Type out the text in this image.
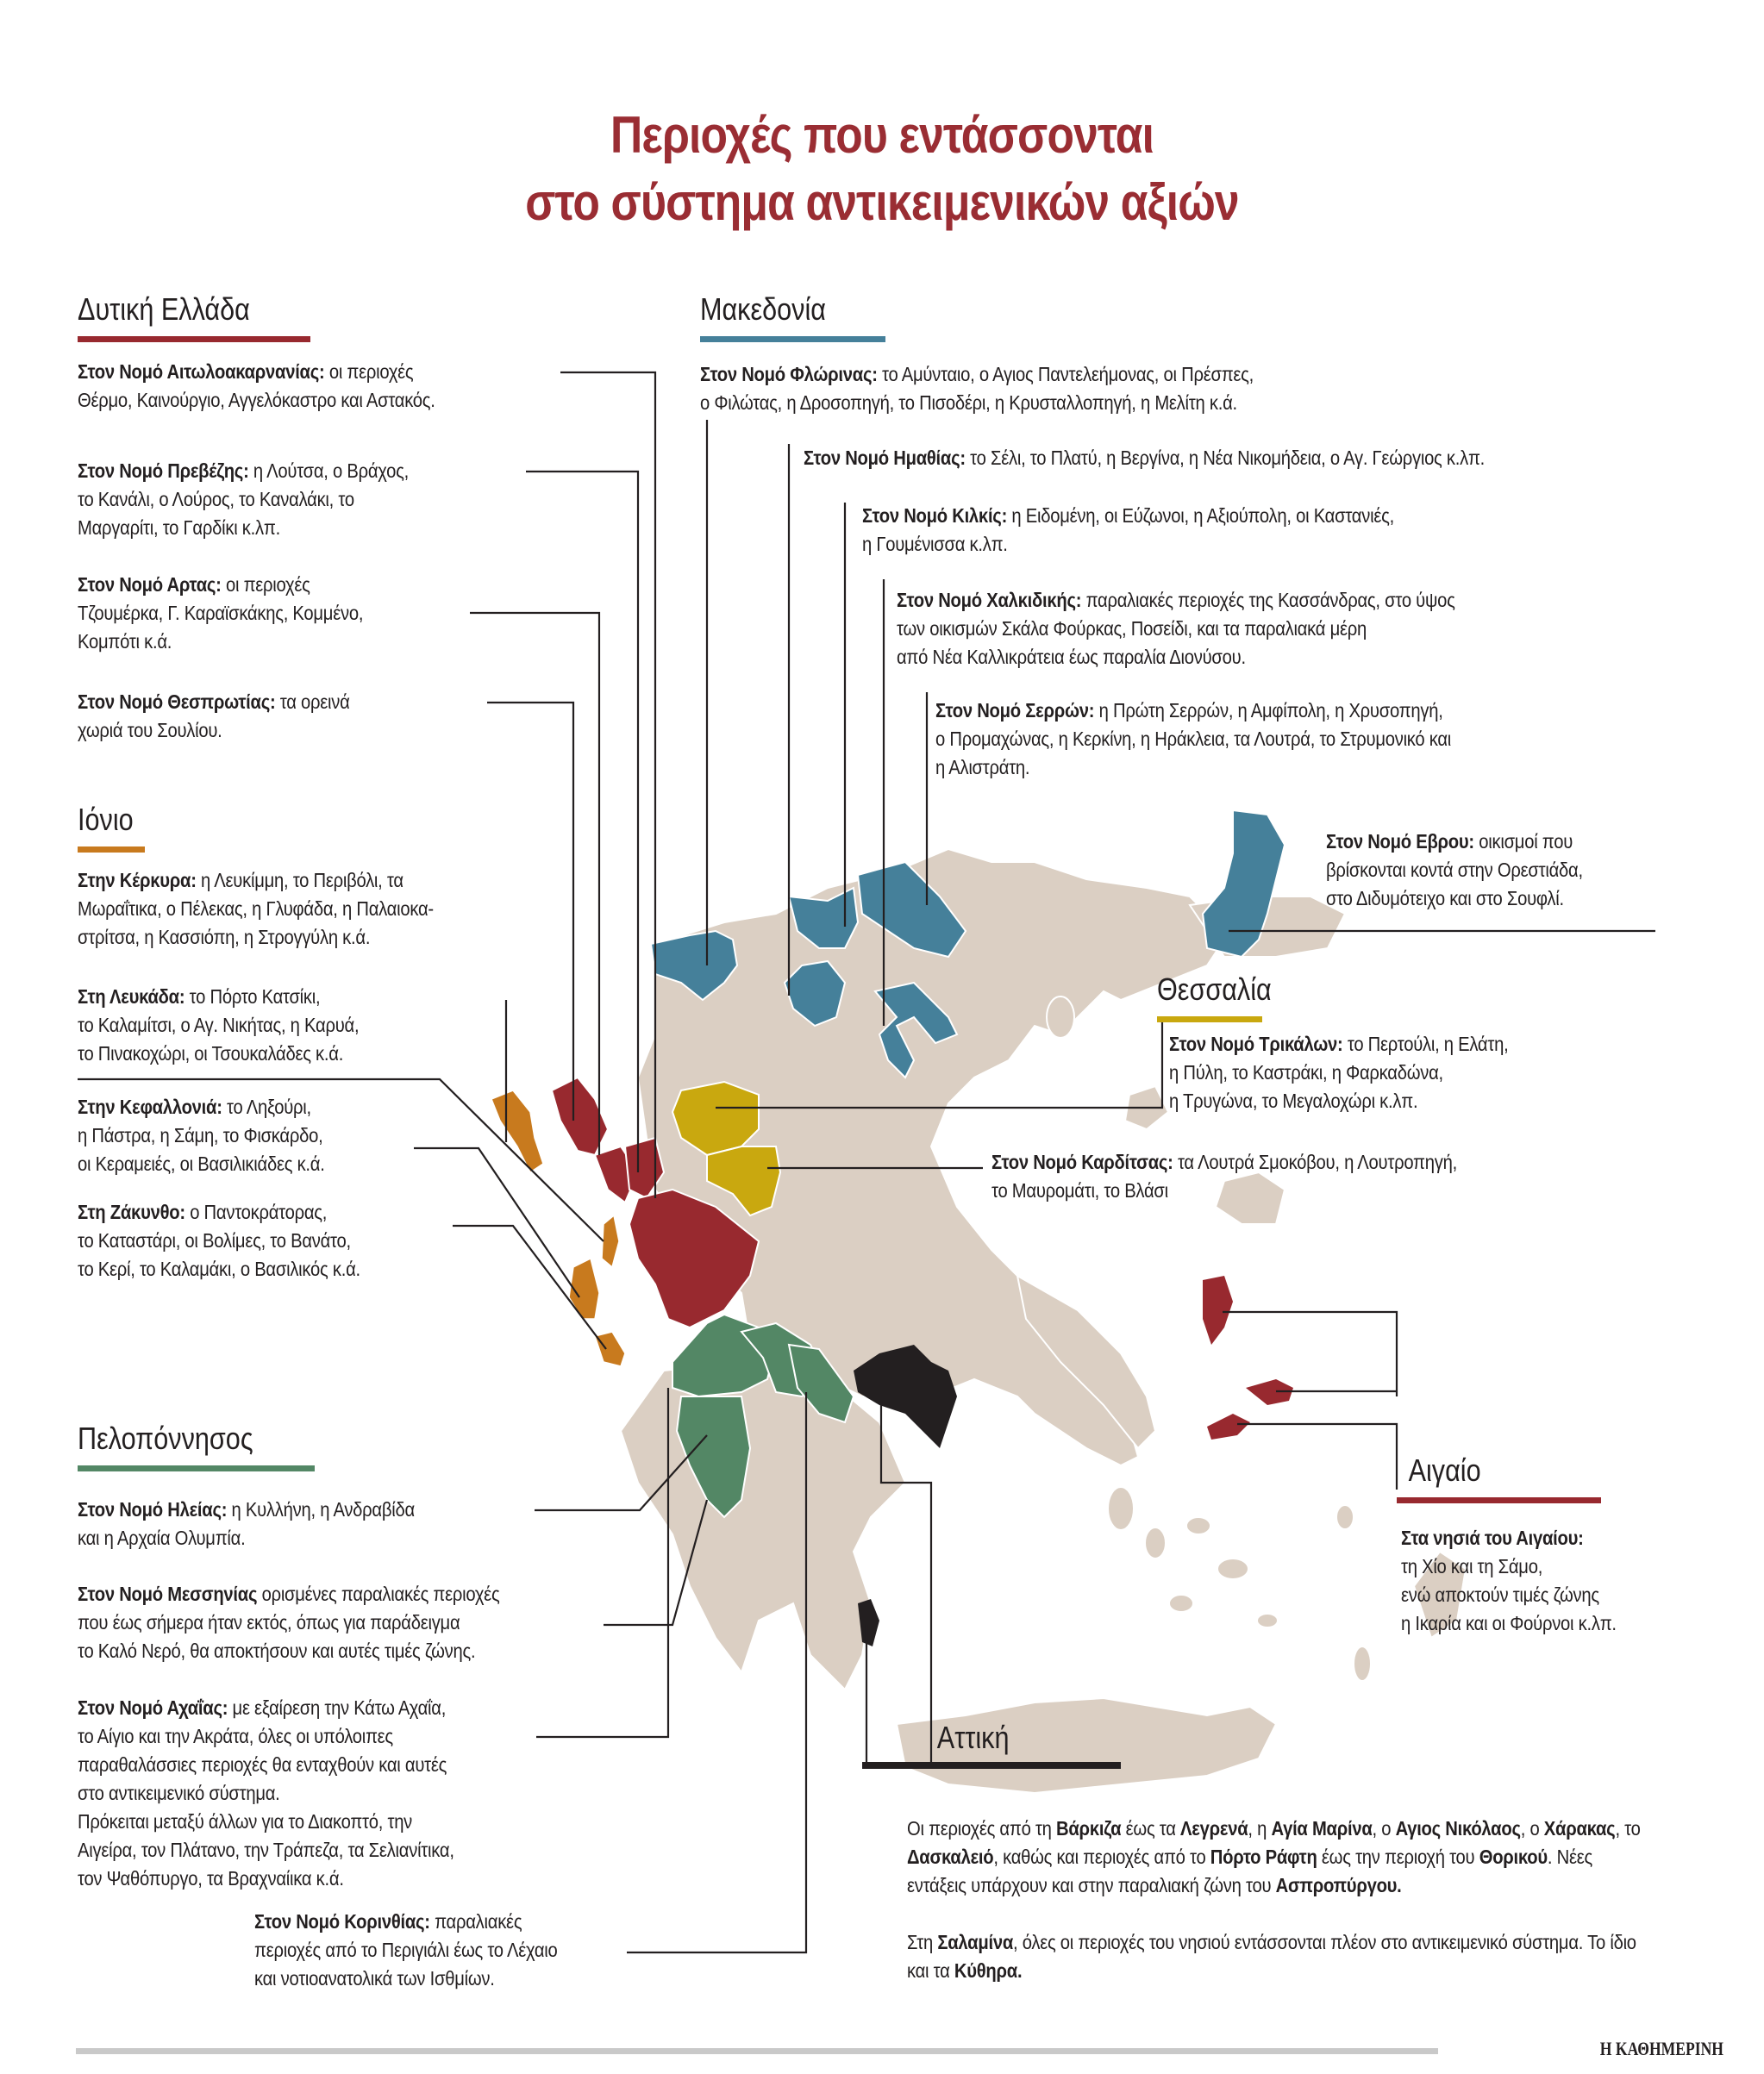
Περιοχές που εντάσσονται
στο σύστημα αντικειμενικών αξιών
Δυτική Ελλάδα
Στον Νομό Αιτωλοακαρνανίας: οι περιοχές
Θέρμο, Καινούργιο, Αγγελόκαστρο και Αστακός.
Στον Νομό Πρεβέζης: η Λούτσα, ο Βράχος,
το Κανάλι, ο Λούρος, το Καναλάκι, το
Μαργαρίτι, το Γαρδίκι κ.λπ.
Στον Νομό Αρτας: οι περιοχές
Τζουμέρκα, Γ. Καραϊσκάκης, Κομμένο,
Κομπότι κ.ά.
Στον Νομό Θεσπρωτίας: τα ορεινά
χωριά του Σουλίου.
Ιόνιο
Στην Κέρκυρα: η Λευκίμμη, το Περιβόλι, τα
Μωραΐτικα, ο Πέλεκας, η Γλυφάδα, η Παλαιοκα-
στρίτσα, η Κασσιόπη, η Στρογγύλη κ.ά.
Στη Λευκάδα: το Πόρτο Κατσίκι,
το Καλαμίτσι, ο Αγ. Νικήτας, η Καρυά,
το Πινακοχώρι, οι Τσουκαλάδες κ.ά.
Στην Κεφαλλονιά: το Ληξούρι,
η Πάστρα, η Σάμη, το Φισκάρδο,
οι Κεραμειές, οι Βασιλικιάδες κ.ά.
Στη Ζάκυνθο: ο Παντοκράτορας,
το Καταστάρι, οι Βολίμες, το Βανάτο,
το Κερί, το Καλαμάκι, ο Βασιλικός κ.ά.
Πελοπόννησος
Στον Νομό Ηλείας: η Κυλλήνη, η Ανδραβίδα
και η Αρχαία Ολυμπία.
Στον Νομό Μεσσηνίας ορισμένες παραλιακές περιοχές
που έως σήμερα ήταν εκτός, όπως για παράδειγμα
το Καλό Νερό, θα αποκτήσουν και αυτές τιμές ζώνης.
Στον Νομό Αχαΐας: με εξαίρεση την Κάτω Αχαΐα,
το Αίγιο και την Ακράτα, όλες οι υπόλοιπες
παραθαλάσσιες περιοχές θα ενταχθούν και αυτές
στο αντικειμενικό σύστημα.
Πρόκειται μεταξύ άλλων για το Διακοπτό, την
Αιγείρα, τον Πλάτανο, την Τράπεζα, τα Σελιανίτικα,
τον Ψαθόπυργο, τα Βραχναίικα κ.ά.
Στον Νομό Κορινθίας: παραλιακές
περιοχές από το Περιγιάλι έως το Λέχαιο
και νοτιοανατολικά των Ισθμίων.
Μακεδονία
Στον Νομό Φλώρινας: το Αμύνταιο, ο Αγιος Παντελεήμονας, οι Πρέσπες,
ο Φιλώτας, η Δροσοπηγή, το Πισοδέρι, η Κρυσταλλοπηγή, η Μελίτη κ.ά.
Στον Νομό Ημαθίας: το Σέλι, το Πλατύ, η Βεργίνα, η Νέα Νικομήδεια, ο Αγ. Γεώργιος κ.λπ.
Στον Νομό Κιλκίς: η Ειδομένη, οι Εύζωνοι, η Αξιούπολη, οι Καστανιές,
η Γουμένισσα κ.λπ.
Στον Νομό Χαλκιδικής: παραλιακές περιοχές της Κασσάνδρας, στο ύψος
των οικισμών Σκάλα Φούρκας, Ποσείδι, και τα παραλιακά μέρη
από Νέα Καλλικράτεια έως παραλία Διονύσου.
Στον Νομό Σερρών: η Πρώτη Σερρών, η Αμφίπολη, η Χρυσοπηγή,
ο Προμαχώνας, η Κερκίνη, η Ηράκλεια, τα Λουτρά, το Στρυμονικό και
η Αλιστράτη.
Στον Νομό Εβρου: οικισμοί που
βρίσκονται κοντά στην Ορεστιάδα,
στο Διδυμότειχο και στο Σουφλί.
Θεσσαλία
Στον Νομό Τρικάλων: το Περτούλι, η Ελάτη,
η Πύλη, το Καστράκι, η Φαρκαδώνα,
η Τρυγώνα, το Μεγαλοχώρι κ.λπ.
Στον Νομό Καρδίτσας: τα Λουτρά Σμοκόβου, η Λουτροπηγή,
το Μαυρομάτι, το Βλάσι
Αιγαίο
Στα νησιά του Αιγαίου:
τη Χίο και τη Σάμο,
ενώ αποκτούν τιμές ζώνης
η Ικαρία και οι Φούρνοι κ.λπ.
Αττική

Οι περιοχές από τη Βάρκιζα έως τα Λεγρενά, η Αγία Μαρίνα, ο Αγιος Νικόλαος, ο Χάρακας, το Δασκαλειό, καθώς και περιοχές από το Πόρτο Ράφτη έως την περιοχή του Θορικού. Νέες εντάξεις υπάρχουν και στην παραλιακή ζώνη του Ασπροπύργου.

Στη Σαλαμίνα, όλες οι περιοχές του νησιού εντάσσονται πλέον στο αντικειμενικό σύστημα. Το ίδιο και τα Κύθηρα.

Η ΚΑΘΗΜΕΡΙΝΗ
